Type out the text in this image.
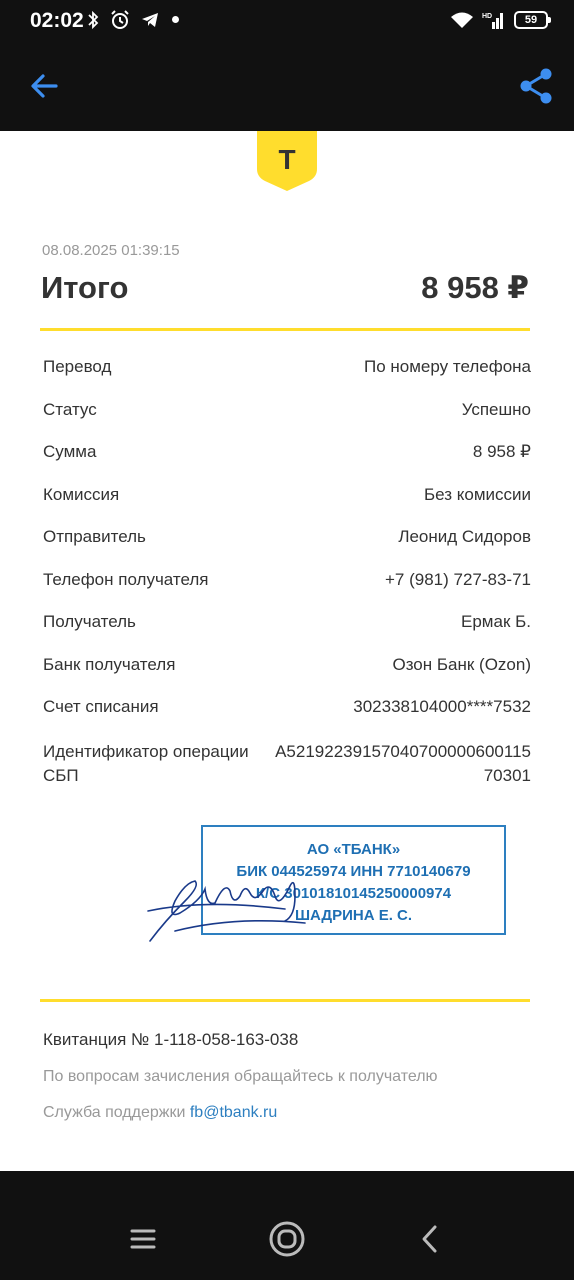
02:02	HD	59
Т
08.08.2025 01:39:15
Итого	8 958 ₽
Перевод	По номеру телефона
Статус	Успешно
Сумма	8 958 ₽
Комиссия	Без комиссии
Отправитель	Леонид Сидоров
Телефон получателя	+7 (981) 727-83-71
Получатель	Ермак Б.
Банк получателя	Озон Банк (Ozon)
Счет списания	302338104000****7532
Идентификатор операции СБП
A52192239157040700000600115 70301
АО «ТБАНК»
БИК 044525974 ИНН 7710140679
К/С 30101810145250000974
ШАДРИНА Е. С.
Квитанция № 1-118-058-163-038
По вопросам зачисления обращайтесь к получателю
Служба поддержки fb@tbank.ru
